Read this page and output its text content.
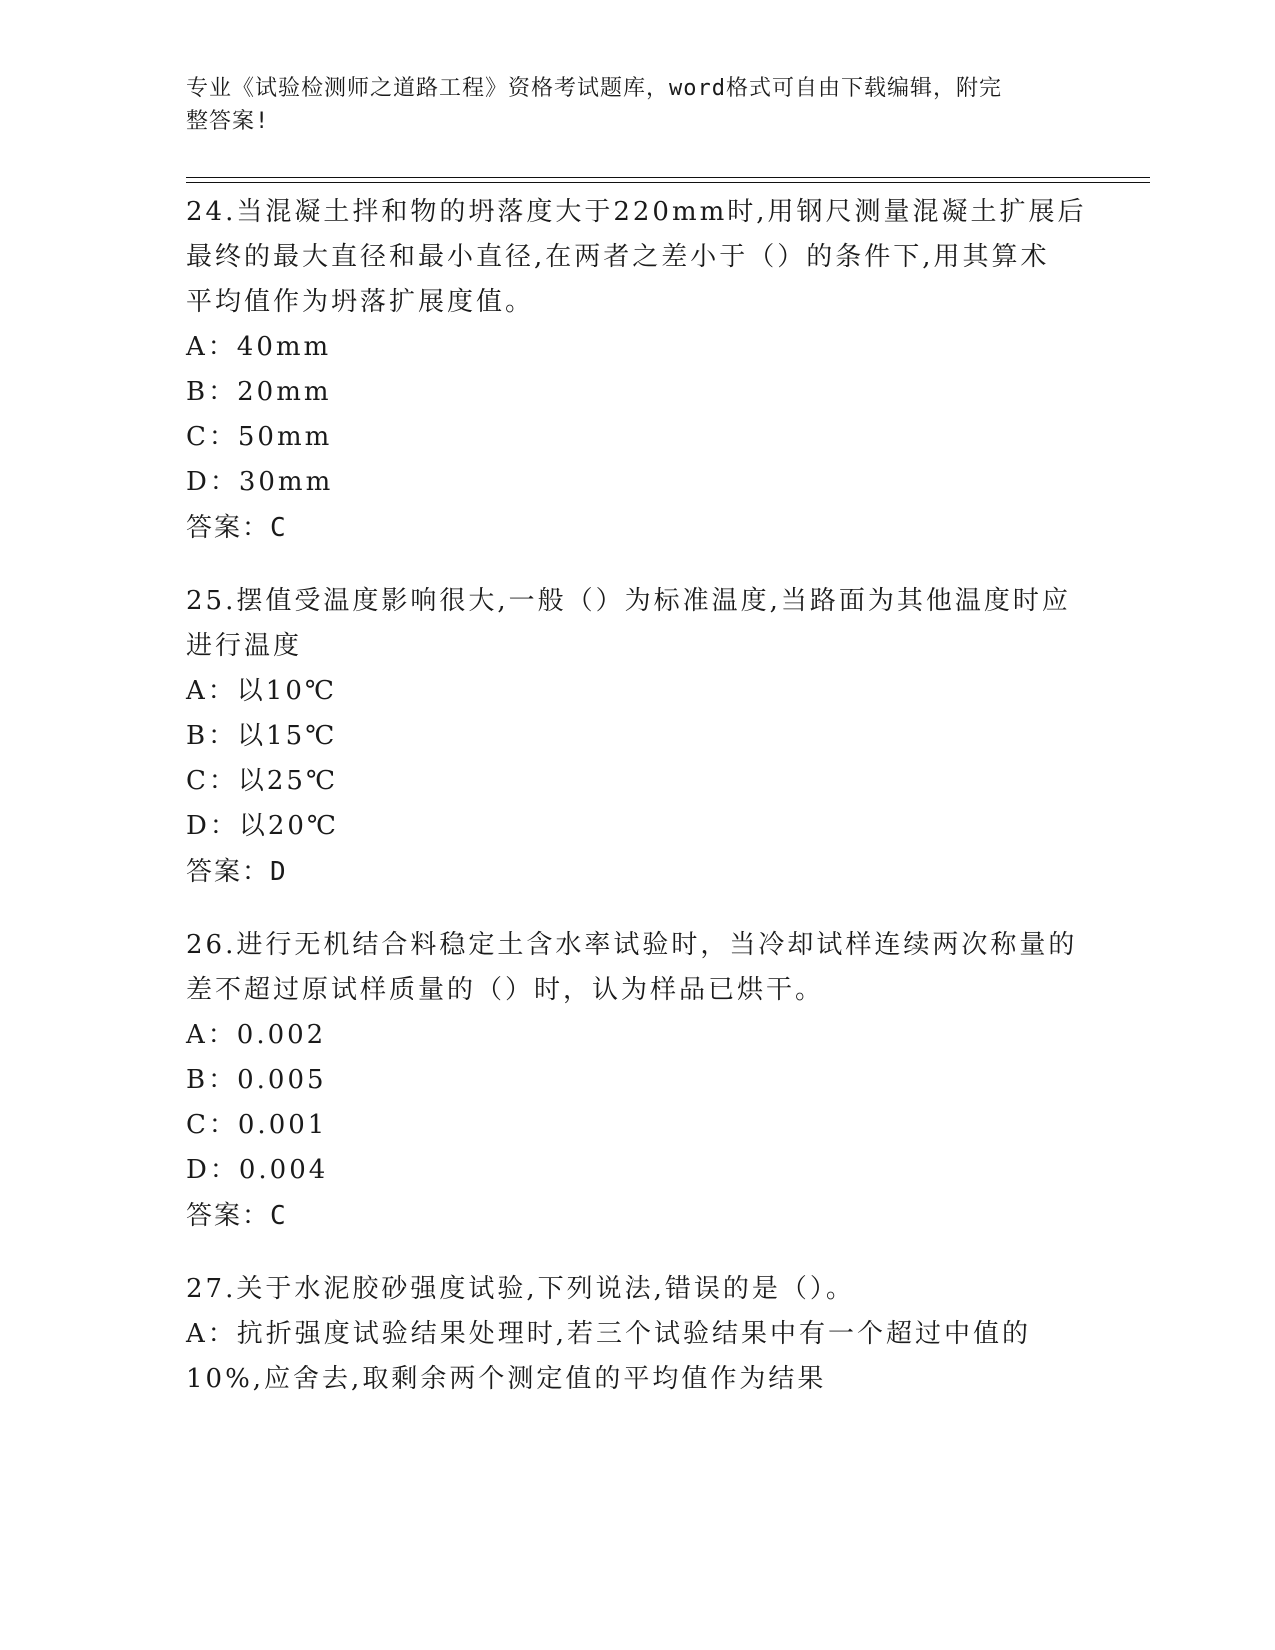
专业《试验检测师之道路工程》资格考试题库，word格式可自由下载编辑，附完
整答案!

24.当混凝土拌和物的坍落度大于220mm时,用钢尺测量混凝土扩展后

最终的最大直径和最小直径,在两者之差小于（）的条件下,用其算术

平均值作为坍落扩展度值。

A：40mm

B：20mm

C：50mm

D：30mm

答案：C

25.摆值受温度影响很大,一般（）为标准温度,当路面为其他温度时应

进行温度

A：以10℃

B：以15℃

C：以25℃

D：以20℃

答案：D

26.进行无机结合料稳定土含水率试验时，当冷却试样连续两次称量的

差不超过原试样质量的（）时，认为样品已烘干。

A：0.002

B：0.005

C：0.001

D：0.004

答案：C

27.关于水泥胶砂强度试验,下列说法,错误的是（）。

A：抗折强度试验结果处理时,若三个试验结果中有一个超过中值的

10%,应舍去,取剩余两个测定值的平均值作为结果
